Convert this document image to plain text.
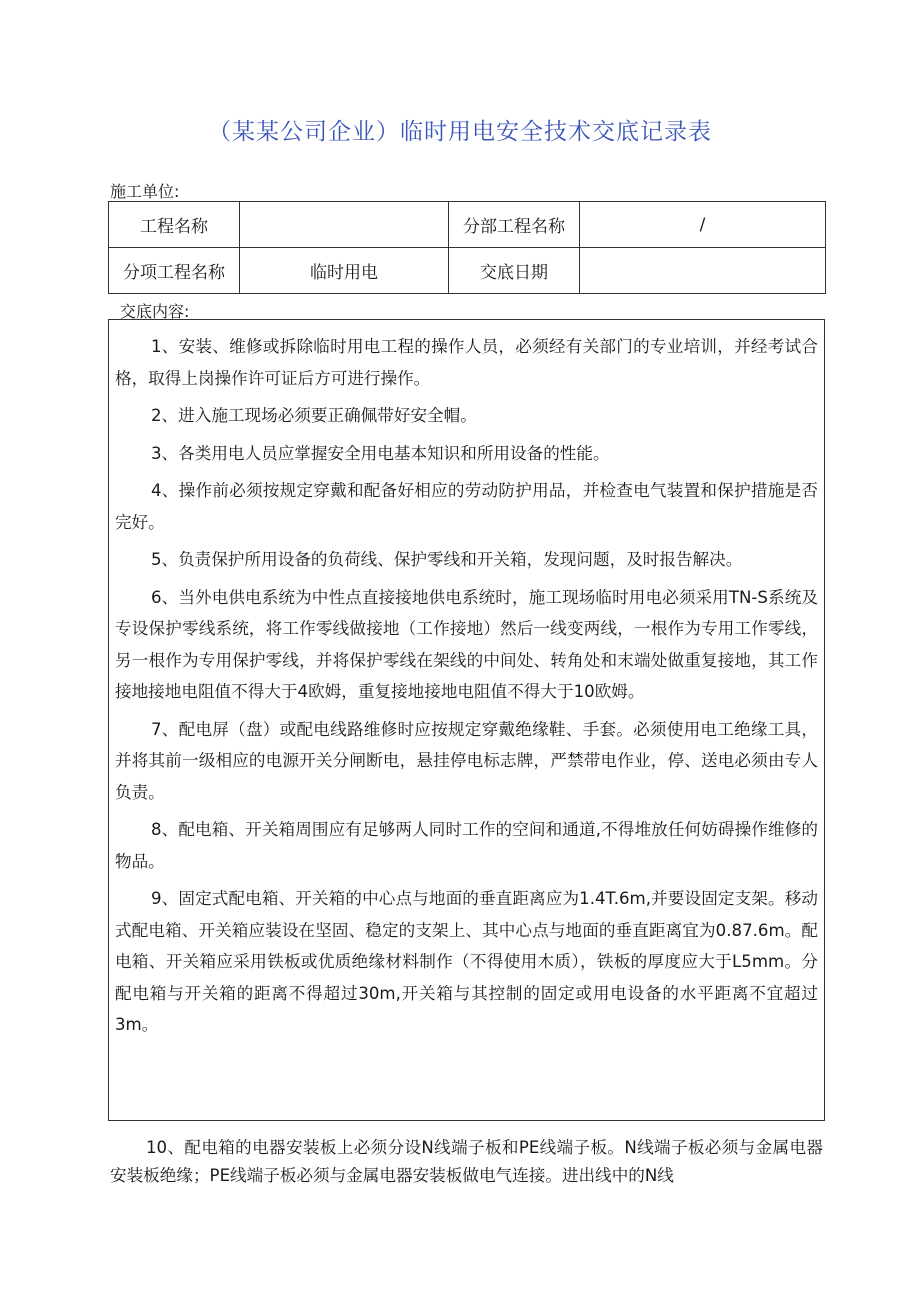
（某某公司企业）临时用电安全技术交底记录表
施工单位:
工程名称		分部工程名称	/
分项工程名称	临时用电	交底日期	
交底内容:

1、安装、维修或拆除临时用电工程的操作人员，必须经有关部门的专业培训，并经考试合格，取得上岗操作许可证后方可进行操作。

2、进入施工现场必须要正确佩带好安全帽。

3、各类用电人员应掌握安全用电基本知识和所用设备的性能。

4、操作前必须按规定穿戴和配备好相应的劳动防护用品，并检查电气装置和保护措施是否完好。

5、负责保护所用设备的负荷线、保护零线和开关箱，发现问题，及时报告解决。

6、当外电供电系统为中性点直接接地供电系统时，施工现场临时用电必须采用TN-S系统及专设保护零线系统，将工作零线做接地（工作接地）然后一线变两线，一根作为专用工作零线，另一根作为专用保护零线，并将保护零线在架线的中间处、转角处和末端处做重复接地，其工作接地接地电阻值不得大于4欧姆，重复接地接地电阻值不得大于10欧姆。

7、配电屏（盘）或配电线路维修时应按规定穿戴绝缘鞋、手套。必须使用电工绝缘工具，并将其前一级相应的电源开关分闸断电，悬挂停电标志牌，严禁带电作业，停、送电必须由专人负责。

8、配电箱、开关箱周围应有足够两人同时工作的空间和通道,不得堆放任何妨碍操作维修的物品。

9、固定式配电箱、开关箱的中心点与地面的垂直距离应为1.4T.6m,并要设固定支架。移动式配电箱、开关箱应装设在坚固、稳定的支架上、其中心点与地面的垂直距离宜为0.87.6m。配电箱、开关箱应采用铁板或优质绝缘材料制作（不得使用木质），铁板的厚度应大于L5mm。分配电箱与开关箱的距离不得超过30m,开关箱与其控制的固定或用电设备的水平距离不宜超过3m。

10、配电箱的电器安装板上必须分设N线端子板和PE线端子板。N线端子板必须与金属电器安装板绝缘；PE线端子板必须与金属电器安装板做电气连接。进出线中的N线
